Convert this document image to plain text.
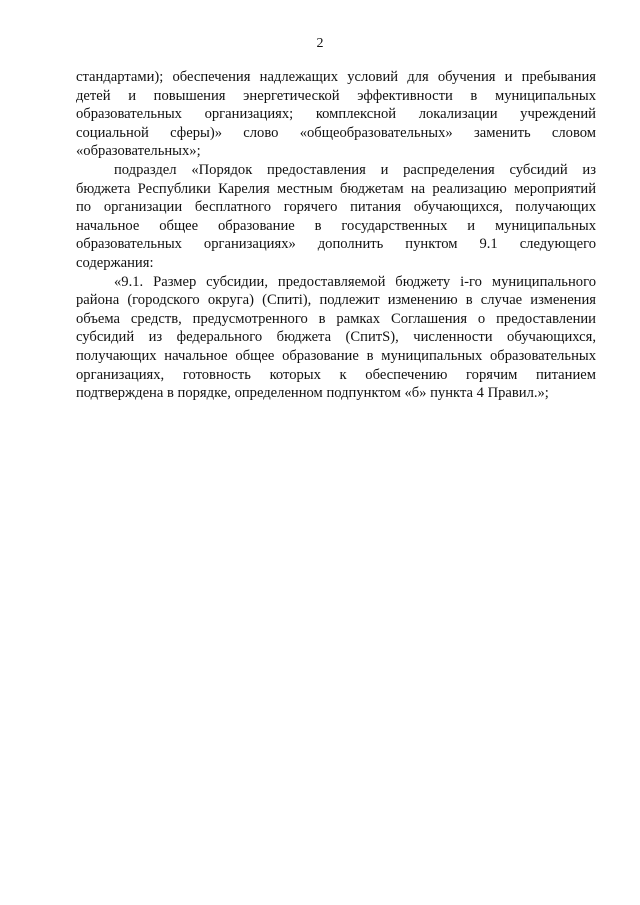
2

стандартами); обеспечения надлежащих условий для обучения и пребывания
детей и повышения энергетической эффективности в муниципальных
образовательных организациях; комплексной локализации учреждений
социальной сферы)» слово «общеобразовательных» заменить словом
«образовательных»;

подраздел «Порядок предоставления и распределения субсидий из
бюджета Республики Карелия местным бюджетам на реализацию мероприятий
по организации бесплатного горячего питания обучающихся, получающих
начальное общее образование в государственных и муниципальных
образовательных организациях» дополнить пунктом 9.1 следующего
содержания:

«9.1. Размер субсидии, предоставляемой бюджету i-го муниципального
района (городского округа) (Спитi), подлежит изменению в случае изменения
объема средств, предусмотренного в рамках Соглашения о предоставлении
субсидий из федерального бюджета (СпитS), численности обучающихся,
получающих начальное общее образование в муниципальных образовательных
организациях, готовность которых к обеспечению горячим питанием
подтверждена в порядке, определенном подпунктом «б» пункта 4 Правил.»;
